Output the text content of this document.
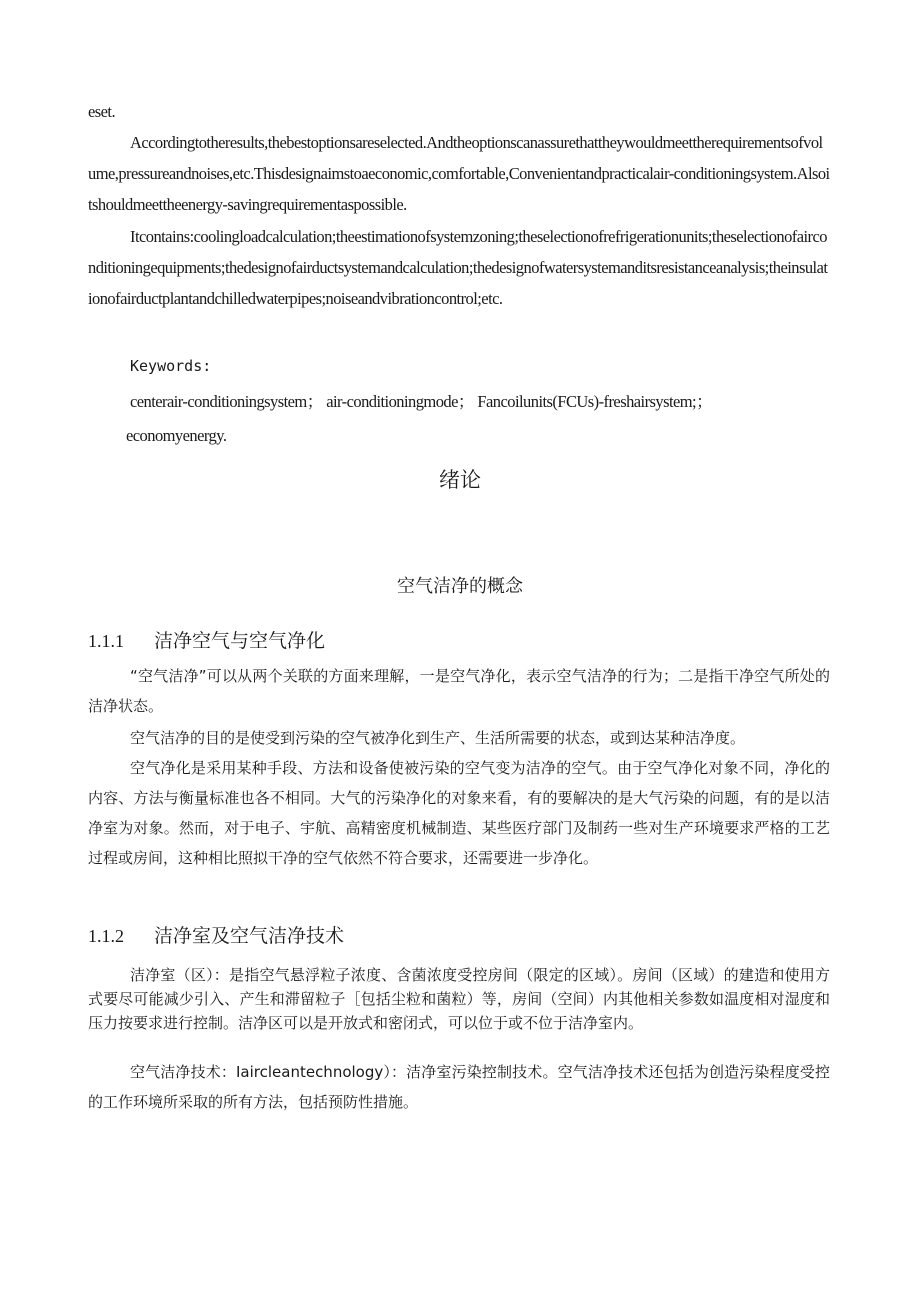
eset.

Accordingtotheresults,thebestoptionsareselected.Andtheoptionscanassurethattheywouldmeettherequirementsofvolume,pressureandnoises,etc.Thisdesignaimstoaeconomic,comfortable,Convenientandpracticalair-conditioningsystem.Alsoitshouldmeettheenergy-savingrequirementaspossible.

Itcontains:coolingloadcalculation;theestimationofsystemzoning;theselectionofrefrigerationunits;theselectionofairconditioningequipments;thedesignofairductsystemandcalculation;thedesignofwatersystemanditsresistanceanalysis;theinsulationofairductplantandchilledwaterpipes;noiseandvibrationcontrol;etc.

Keywords:

centerair-conditioningsystem； air-conditioningmode； Fancoilunits(FCUs)-freshairsystem;；

economyenergy.

绪论
空气洁净的概念
1.1.1 洁净空气与空气净化

“空气洁净”可以从两个关联的方面来理解，一是空气净化，表示空气洁净的行为；二是指干净空气所处的洁净状态。

空气洁净的目的是使受到污染的空气被净化到生产、生活所需要的状态，或到达某种洁净度。

空气净化是采用某种手段、方法和设备使被污染的空气变为洁净的空气。由于空气净化对象不同，净化的内容、方法与衡量标准也各不相同。大气的污染净化的对象来看，有的要解决的是大气污染的问题，有的是以洁净室为对象。然而，对于电子、宇航、高精密度机械制造、某些医疗部门及制药一些对生产环境要求严格的工艺过程或房间，这种相比照拟干净的空气依然不符合要求，还需要进一步净化。

1.1.2 洁净室及空气洁净技术

洁净室（区）：是指空气悬浮粒子浓度、含菌浓度受控房间（限定的区域）。房间（区域）的建造和使用方式要尽可能减少引入、产生和滞留粒子［包括尘粒和菌粒）等，房间（空间）内其他相关参数如温度相对湿度和压力按要求进行控制。洁净区可以是开放式和密闭式，可以位于或不位于洁净室内。

空气洁净技术：Iaircleantechnology）：洁净室污染控制技术。空气洁净技术还包括为创造污染程度受控的工作环境所采取的所有方法，包括预防性措施。
